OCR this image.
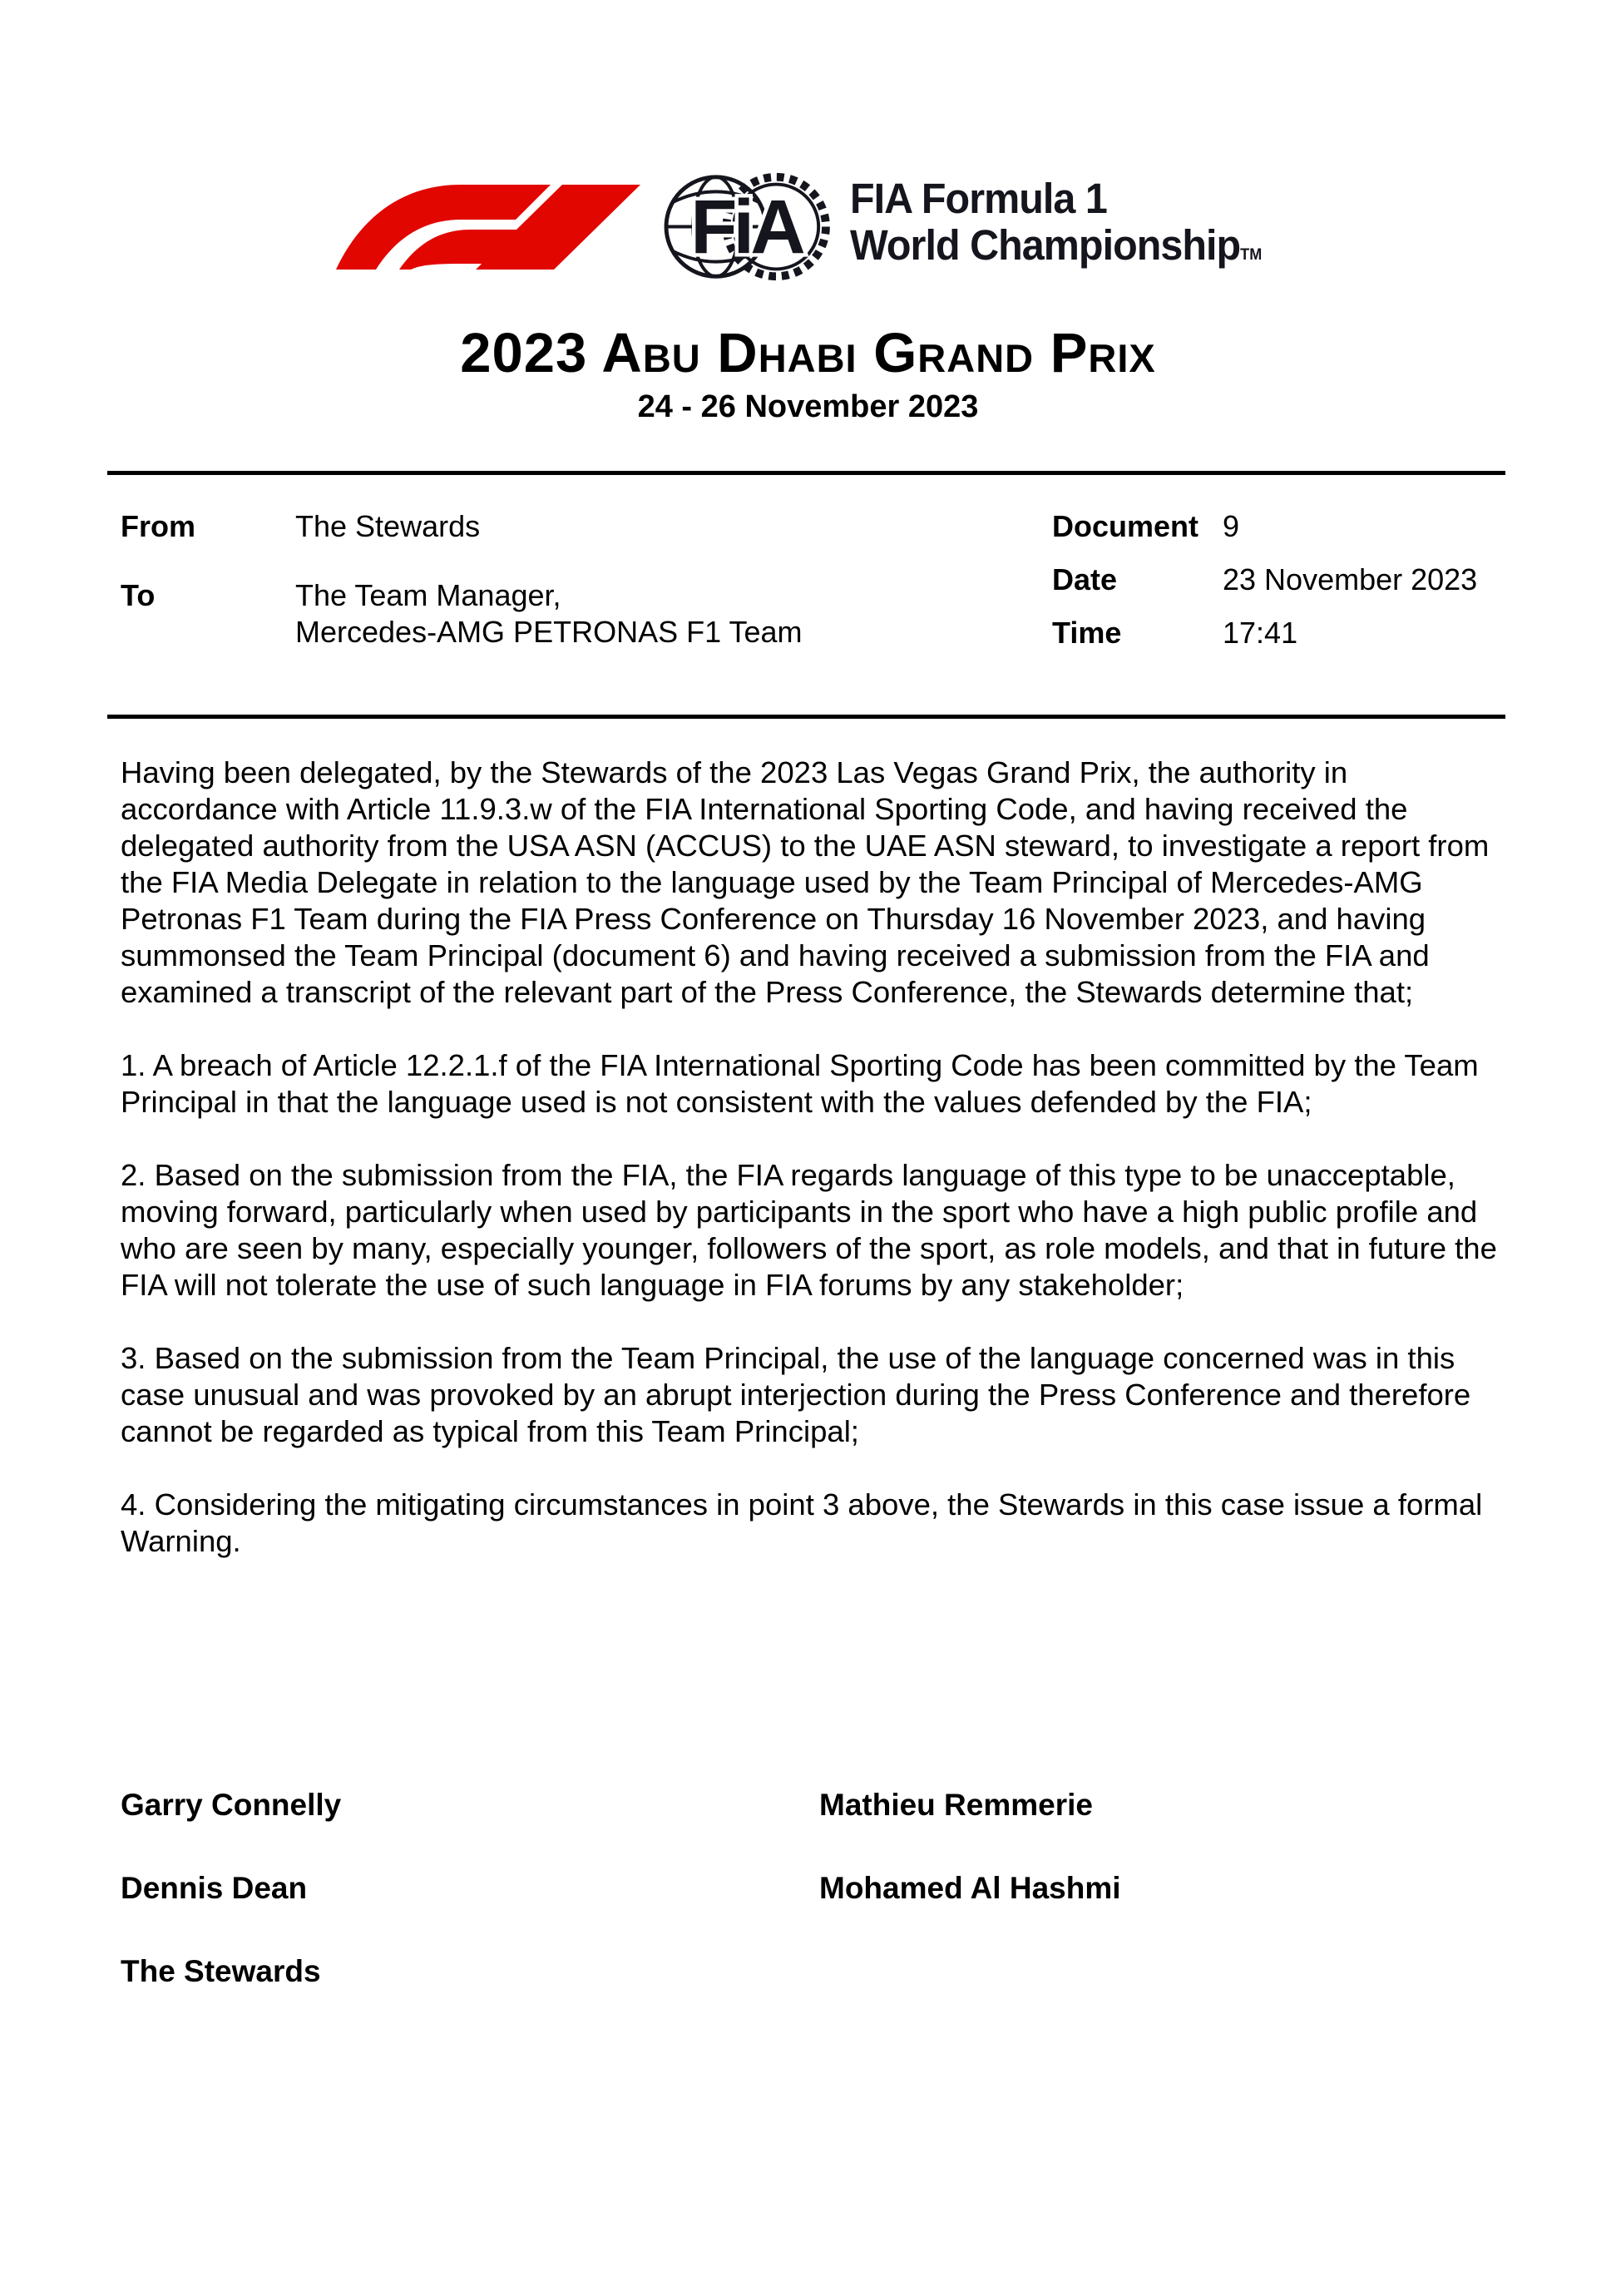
FiA FIA Formula 1
World ChampionshipTM
2023 Abu Dhabi Grand Prix
24 - 26 November 2023
From	The Stewards
To	The Team Manager,
Mercedes-AMG PETRONAS F1 Team
Document 9
Date	23 November 2023
Time	17:41

Having been delegated, by the Stewards of the 2023 Las Vegas Grand Prix, the authority in accordance with Article 11.9.3.w of the FIA International Sporting Code, and having received the delegated authority from the USA ASN (ACCUS) to the UAE ASN steward, to investigate a report from the FIA Media Delegate in relation to the language used by the Team Principal of Mercedes-AMG Petronas F1 Team during the FIA Press Conference on Thursday 16 November 2023, and having summonsed the Team Principal (document 6) and having received a submission from the FIA and examined a transcript of the relevant part of the Press Conference, the Stewards determine that;

1. A breach of Article 12.2.1.f of the FIA International Sporting Code has been committed by the Team Principal in that the language used is not consistent with the values defended by the FIA;

2. Based on the submission from the FIA, the FIA regards language of this type to be unacceptable, moving forward, particularly when used by participants in the sport who have a high public profile and who are seen by many, especially younger, followers of the sport, as role models, and that in future the FIA will not tolerate the use of such language in FIA forums by any stakeholder;

3. Based on the submission from the Team Principal, the use of the language concerned was in this case unusual and was provoked by an abrupt interjection during the Press Conference and therefore cannot be regarded as typical from this Team Principal;

4. Considering the mitigating circumstances in point 3 above, the Stewards in this case issue a formal Warning.

Garry Connelly	Mathieu Remmerie
Dennis Dean	Mohamed Al Hashmi
The Stewards
